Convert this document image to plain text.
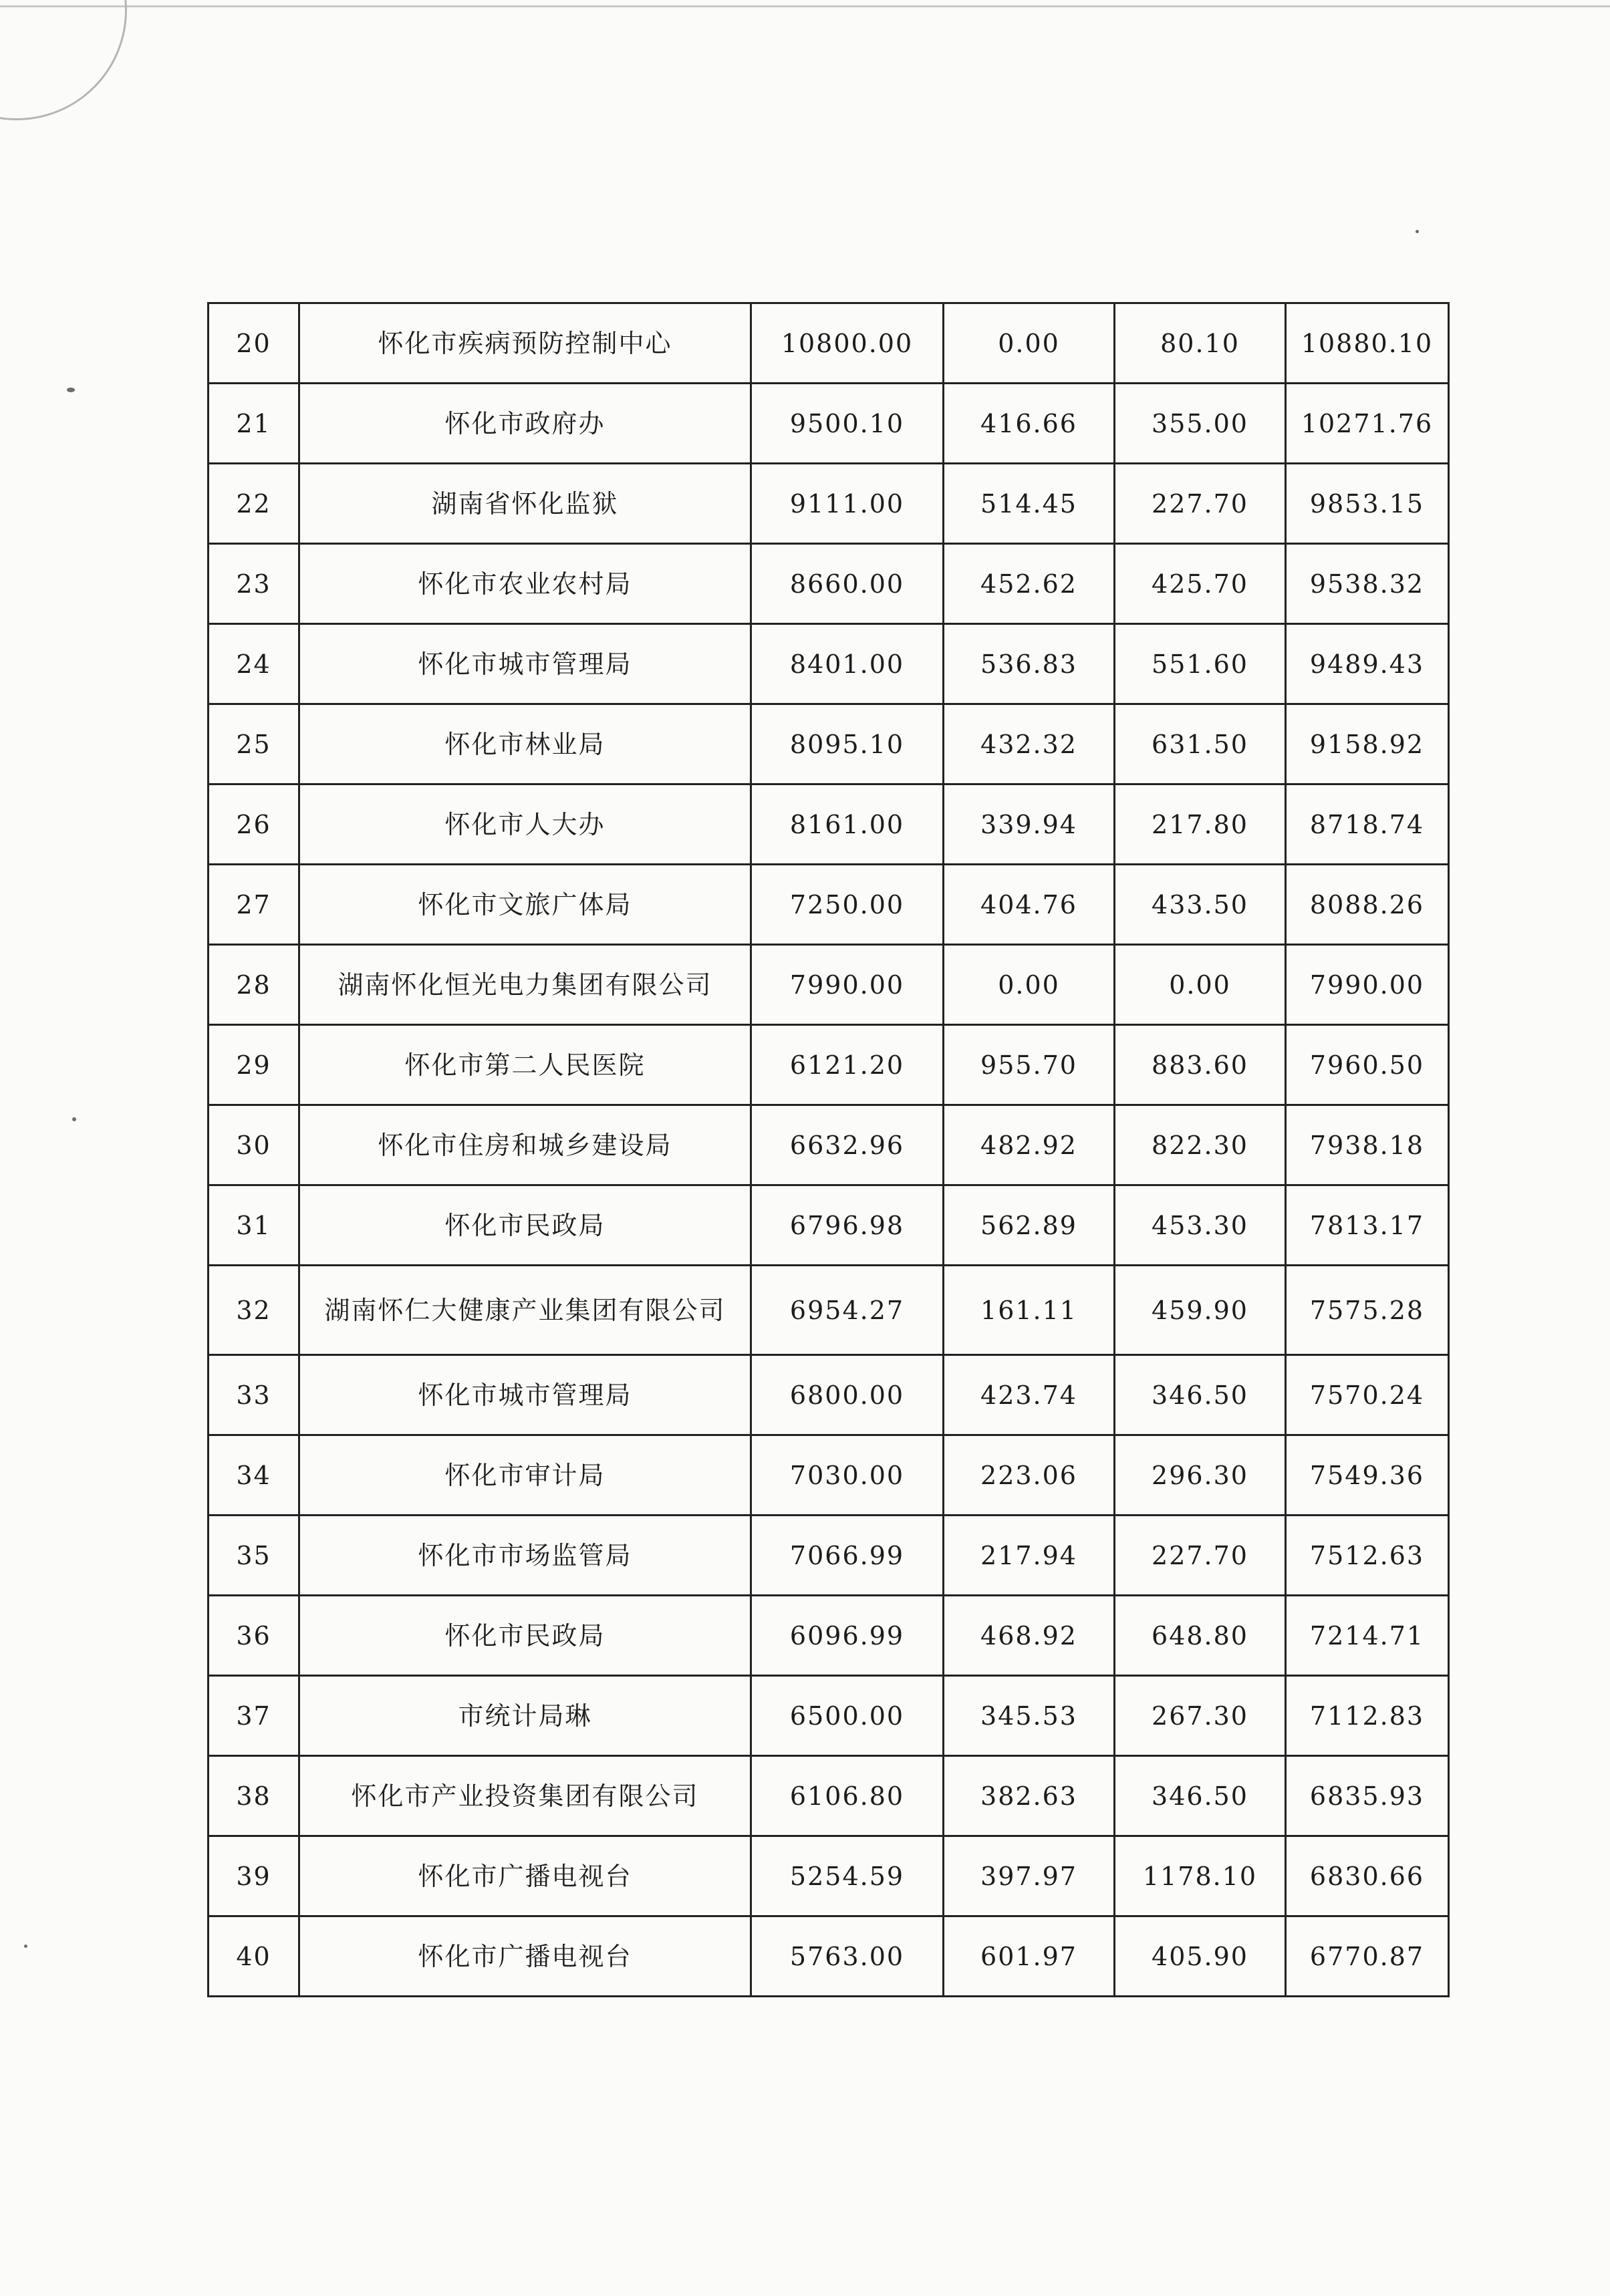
20	怀化市疾病预防控制中心	10800.00	0.00	80.10	10880.10
21	怀化市政府办	9500.10	416.66	355.00	10271.76
22	湖南省怀化监狱	9111.00	514.45	227.70	9853.15
23	怀化市农业农村局	8660.00	452.62	425.70	9538.32
24	怀化市城市管理局	8401.00	536.83	551.60	9489.43
25	怀化市林业局	8095.10	432.32	631.50	9158.92
26	怀化市人大办	8161.00	339.94	217.80	8718.74
27	怀化市文旅广体局	7250.00	404.76	433.50	8088.26
28	湖南怀化恒光电力集团有限公司	7990.00	0.00	0.00	7990.00
29	怀化市第二人民医院	6121.20	955.70	883.60	7960.50
30	怀化市住房和城乡建设局	6632.96	482.92	822.30	7938.18
31	怀化市民政局	6796.98	562.89	453.30	7813.17
32	湖南怀仁大健康产业集团有限公司	6954.27	161.11	459.90	7575.28
33	怀化市城市管理局	6800.00	423.74	346.50	7570.24
34	怀化市审计局	7030.00	223.06	296.30	7549.36
35	怀化市市场监管局	7066.99	217.94	227.70	7512.63
36	怀化市民政局	6096.99	468.92	648.80	7214.71
37	市统计局琳	6500.00	345.53	267.30	7112.83
38	怀化市产业投资集团有限公司	6106.80	382.63	346.50	6835.93
39	怀化市广播电视台	5254.59	397.97	1178.10	6830.66
40	怀化市广播电视台	5763.00	601.97	405.90	6770.87
